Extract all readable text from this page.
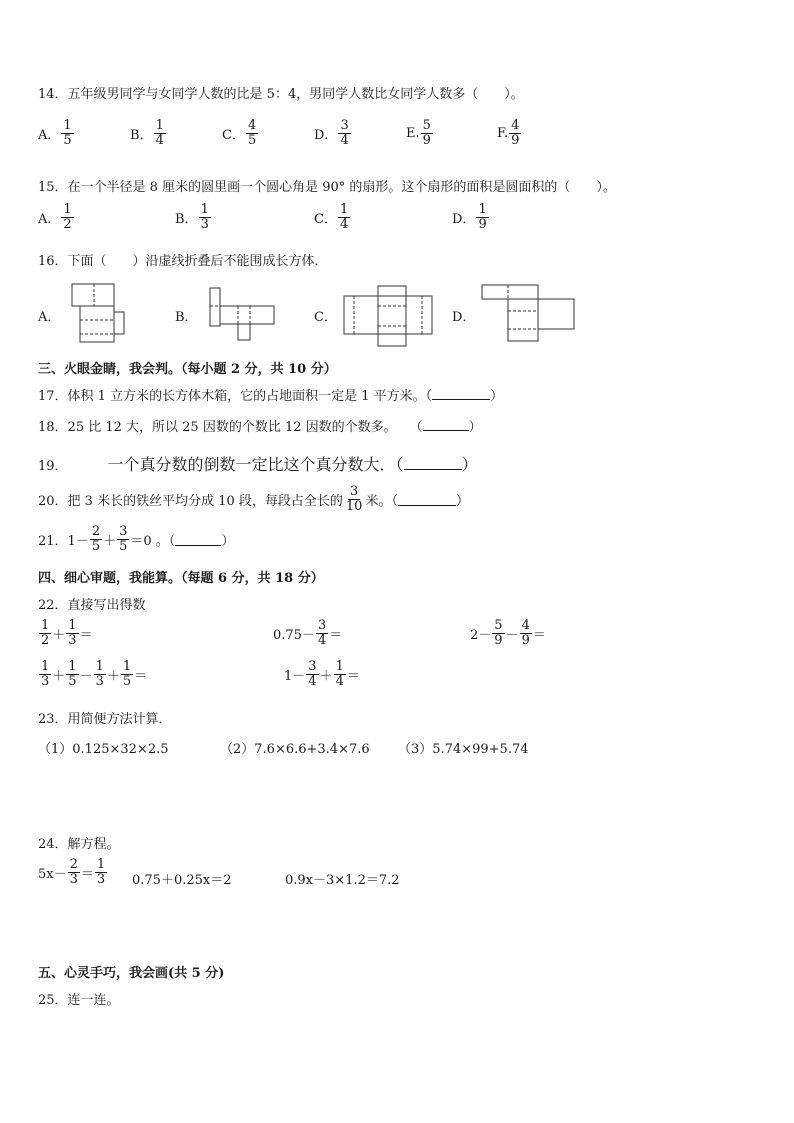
14．五年级男同学与女同学人数的比是 5：4，男同学人数比女同学人数多（　　）。
A． $\frac{1}{5}$	B． $\frac{1}{4}$	C． $\frac{4}{5}$	D． $\frac{3}{4}$	E. $\frac{5}{9}$	F. $\frac{4}{9}$
15．在一个半径是 8 厘米的圆里画一个圆心角是 90° 的扇形。这个扇形的面积是圆面积的（　　）。
A． $\frac{1}{2}$	B． $\frac{1}{3}$	C． $\frac{1}{4}$	D． $\frac{1}{9}$
16．下面（　　）沿虚线折叠后不能围成长方体．
A．	B．	C．	D．
三、火眼金睛，我会判。（每小题 2 分，共 10 分）
17．体积 1 立方米的长方体木箱，它的占地面积一定是 1 平方米。（	）
18．25 比 12 大，所以 25 因数的个数比 12 因数的个数多。　　（	）
19．	一个真分数的倒数一定比这个真分数大．（	）
20．把 3 米长的铁丝平均分成 10 段，每段占全长的 $\frac{3}{10}$ 米。（	）
21．$1- \frac{2}{5} + \frac{3}{5} =0$ 。（	）
四、细心审题，我能算。（每题 6 分，共 18 分）
22．直接写出得数
$\frac{1}{2} + \frac{1}{3}$ ＝	$0.75- \frac{3}{4}$ ＝	$2- \frac{5}{9} - \frac{4}{9}$ ＝
$\frac{1}{3} + \frac{1}{5} - \frac{1}{3} + \frac{1}{5}$ ＝	$1- \frac{3}{4} + \frac{1}{4}$ ＝
23．用简便方法计算．
（1）0.125×32×2.5	（2）7.6×6.6+3.4×7.6 （3）5.74×99+5.74
24．解方程。
$5x- \frac{2}{3} = \frac{1}{3} 0.75+0.25x=2$	0.9x－3×1.2＝7.2
五、心灵手巧，我会画(共 5 分)
25．连一连。
